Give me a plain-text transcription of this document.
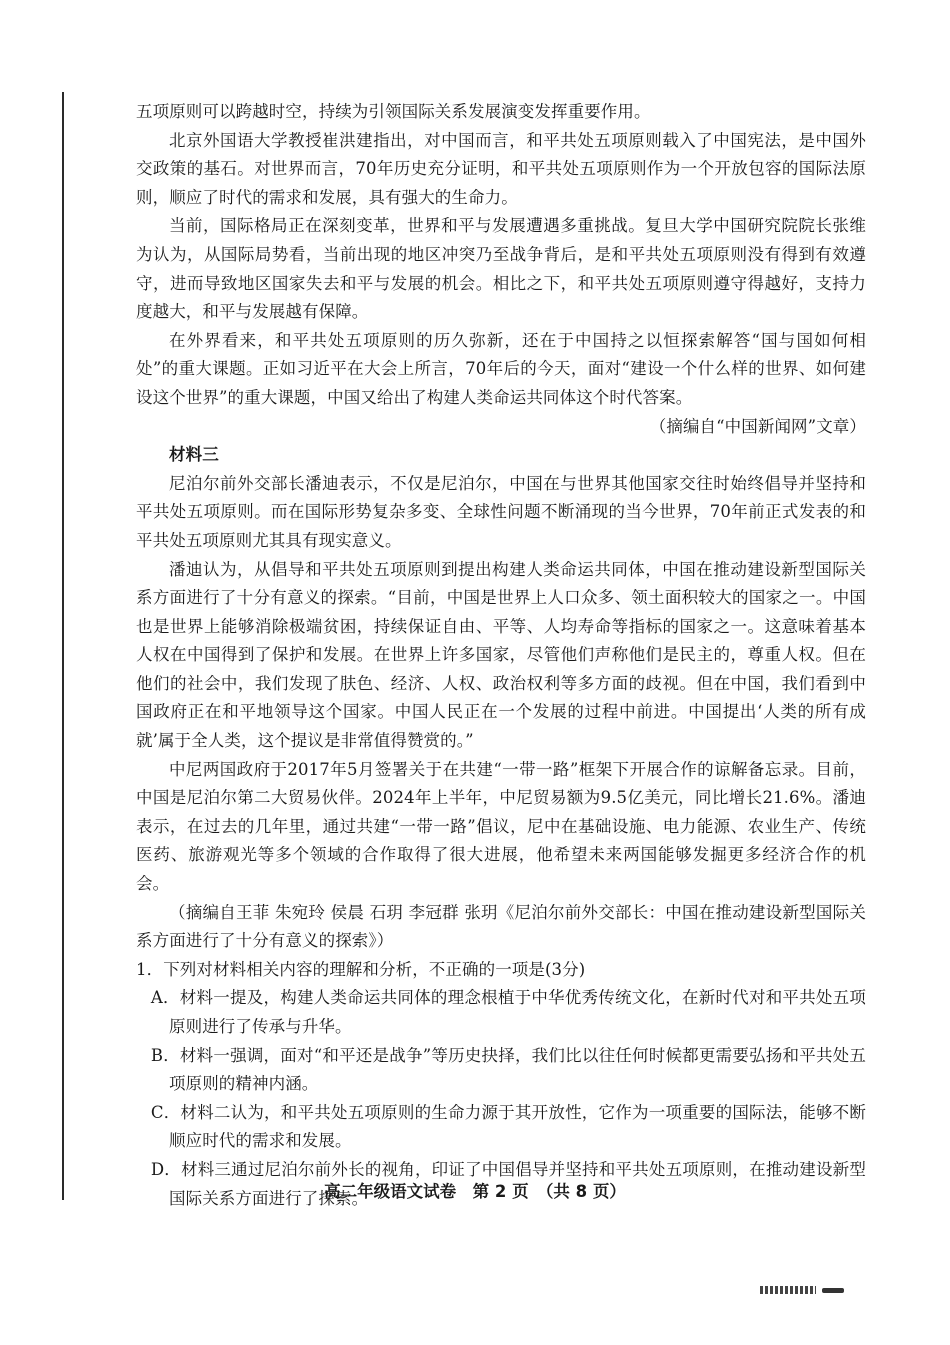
五项原则可以跨越时空，持续为引领国际关系发展演变发挥重要作用。

北京外国语大学教授崔洪建指出，对中国而言，和平共处五项原则载入了中国宪法，是中国外交政策的基石。对世界而言，70年历史充分证明，和平共处五项原则作为一个开放包容的国际法原则，顺应了时代的需求和发展，具有强大的生命力。

当前，国际格局正在深刻变革，世界和平与发展遭遇多重挑战。复旦大学中国研究院院长张维为认为，从国际局势看，当前出现的地区冲突乃至战争背后，是和平共处五项原则没有得到有效遵守，进而导致地区国家失去和平与发展的机会。相比之下，和平共处五项原则遵守得越好，支持力度越大，和平与发展越有保障。

在外界看来，和平共处五项原则的历久弥新，还在于中国持之以恒探索解答“国与国如何相处”的重大课题。正如习近平在大会上所言，70年后的今天，面对“建设一个什么样的世界、如何建设这个世界”的重大课题，中国又给出了构建人类命运共同体这个时代答案。

（摘编自“中国新闻网”文章）

材料三

尼泊尔前外交部长潘迪表示，不仅是尼泊尔，中国在与世界其他国家交往时始终倡导并坚持和平共处五项原则。而在国际形势复杂多变、全球性问题不断涌现的当今世界，70年前正式发表的和平共处五项原则尤其具有现实意义。

潘迪认为，从倡导和平共处五项原则到提出构建人类命运共同体，中国在推动建设新型国际关系方面进行了十分有意义的探索。“目前，中国是世界上人口众多、领土面积较大的国家之一。中国也是世界上能够消除极端贫困，持续保证自由、平等、人均寿命等指标的国家之一。这意味着基本人权在中国得到了保护和发展。在世界上许多国家，尽管他们声称他们是民主的，尊重人权。但在他们的社会中，我们发现了肤色、经济、人权、政治权利等多方面的歧视。但在中国，我们看到中国政府正在和平地领导这个国家。中国人民正在一个发展的过程中前进。中国提出‘人类的所有成就’属于全人类，这个提议是非常值得赞赏的。”

中尼两国政府于2017年5月签署关于在共建“一带一路”框架下开展合作的谅解备忘录。目前，中国是尼泊尔第二大贸易伙伴。2024年上半年，中尼贸易额为9.5亿美元，同比增长21.6%。潘迪表示，在过去的几年里，通过共建“一带一路”倡议，尼中在基础设施、电力能源、农业生产、传统医药、旅游观光等多个领域的合作取得了很大进展，他希望未来两国能够发掘更多经济合作的机会。

（摘编自王菲 朱宛玲 侯晨 石玥 李冠群 张玥《尼泊尔前外交部长：中国在推动建设新型国际关系方面进行了十分有意义的探索》）

1．下列对材料相关内容的理解和分析，不正确的一项是(3分)

A．材料一提及，构建人类命运共同体的理念根植于中华优秀传统文化，在新时代对和平共处五项原则进行了传承与升华。

B．材料一强调，面对“和平还是战争”等历史抉择，我们比以往任何时候都更需要弘扬和平共处五项原则的精神内涵。

C．材料二认为，和平共处五项原则的生命力源于其开放性，它作为一项重要的国际法，能够不断顺应时代的需求和发展。

D．材料三通过尼泊尔前外长的视角，印证了中国倡导并坚持和平共处五项原则，在推动建设新型国际关系方面进行了探索。

高二年级语文试卷　第 2 页　（共 8 页）
